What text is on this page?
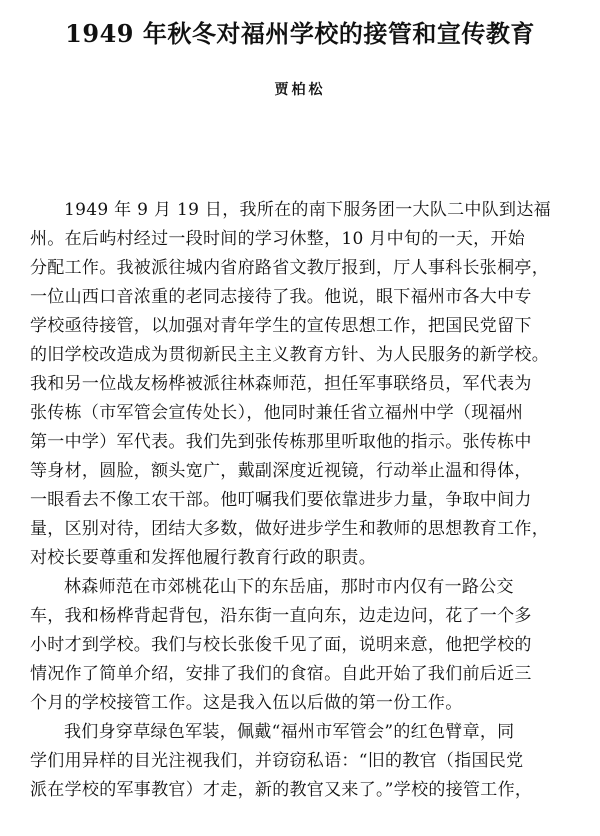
1949 年秋冬对福州学校的接管和宣传教育
贾柏松

1949 年 9 月 19 日，我所在的南下服务团一大队二中队到达福
州。在后屿村经过一段时间的学习休整，10 月中旬的一天，开始
分配工作。我被派往城内省府路省文教厅报到，厅人事科长张桐亭，
一位山西口音浓重的老同志接待了我。他说，眼下福州市各大中专
学校亟待接管，以加强对青年学生的宣传思想工作，把国民党留下
的旧学校改造成为贯彻新民主主义教育方针、为人民服务的新学校。
我和另一位战友杨桦被派往林森师范，担任军事联络员，军代表为
张传栋（市军管会宣传处长），他同时兼任省立福州中学（现福州
第一中学）军代表。我们先到张传栋那里听取他的指示。张传栋中
等身材，圆脸，额头宽广，戴副深度近视镜，行动举止温和得体，
一眼看去不像工农干部。他叮嘱我们要依靠进步力量，争取中间力
量，区别对待，团结大多数，做好进步学生和教师的思想教育工作，
对校长要尊重和发挥他履行教育行政的职责。

林森师范在市郊桃花山下的东岳庙，那时市内仅有一路公交
车，我和杨桦背起背包，沿东街一直向东，边走边问，花了一个多
小时才到学校。我们与校长张俊千见了面，说明来意，他把学校的
情况作了简单介绍，安排了我们的食宿。自此开始了我们前后近三
个月的学校接管工作。这是我入伍以后做的第一份工作。

我们身穿草绿色军装，佩戴“福州市军管会”的红色臂章，同
学们用异样的目光注视我们，并窃窃私语：“旧的教官（指国民党
派在学校的军事教官）才走，新的教官又来了。”学校的接管工作，
